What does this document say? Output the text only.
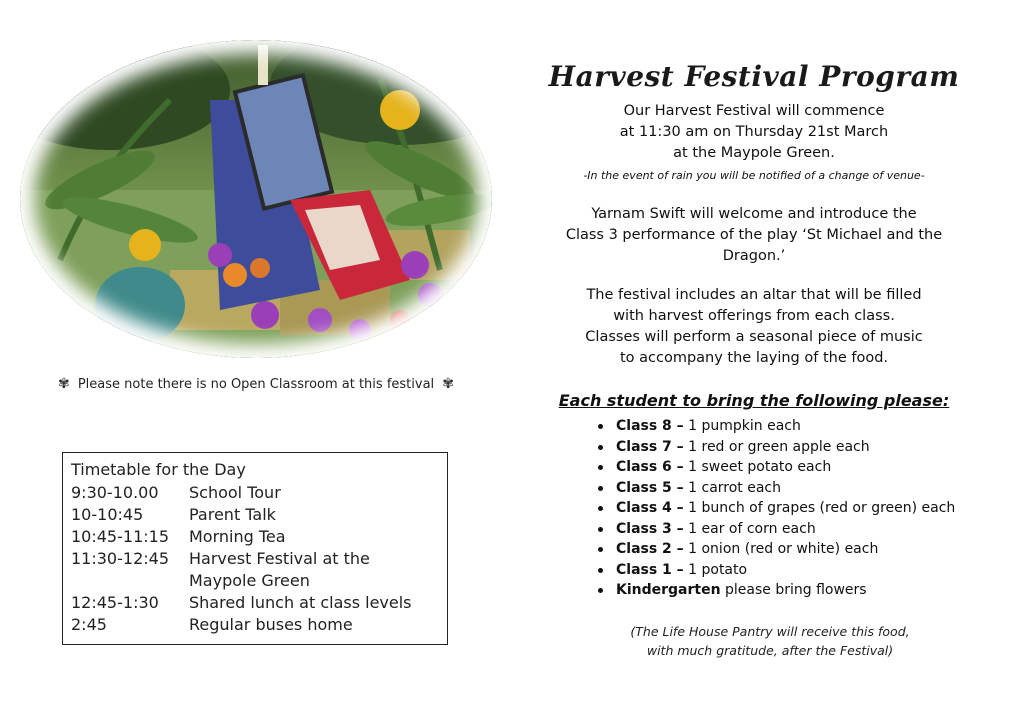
✾ Please note there is no Open Classroom at this festival ✾
Timetable for the Day
9:30-10.00	School Tour
10-10:45	Parent Talk
10:45-11:15	Morning Tea
11:30-12:45	Harvest Festival at the Maypole Green
12:45-1:30	Shared lunch at class levels
2:45	Regular buses home
Harvest Festival Program

Our Harvest Festival will commence
at 11:30 am on Thursday 21st March
at the Maypole Green.
-In the event of rain you will be notified of a change of venue-

Yarnam Swift will welcome and introduce the
Class 3 performance of the play ‘St Michael and the Dragon.’

The festival includes an altar that will be filled
with harvest offerings from each class.
Classes will perform a seasonal piece of music
to accompany the laying of the food.

Each student to bring the following please:
Class 8 – 1 pumpkin each
Class 7 – 1 red or green apple each
Class 6 – 1 sweet potato each
Class 5 – 1 carrot each
Class 4 – 1 bunch of grapes (red or green) each
Class 3 – 1 ear of corn each
Class 2 – 1 onion (red or white) each
Class 1 – 1 potato
Kindergarten please bring flowers
(The Life House Pantry will receive this food,
with much gratitude, after the Festival)
